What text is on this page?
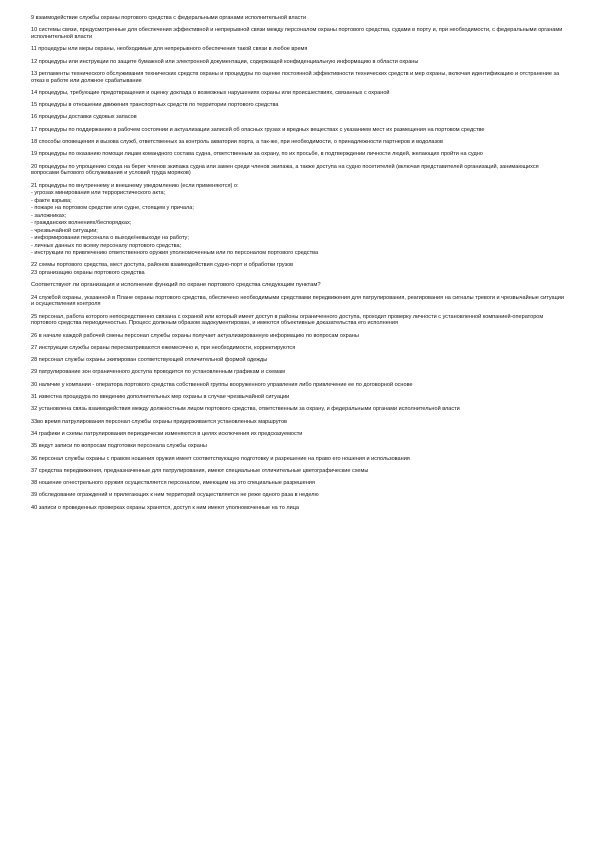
9 взаимодействие службы охраны портового средства с федеральными органами исполнительной власти
10 системы связи, предусмотренные для обеспечения эффективной и непрерывной связи между персоналом охраны портового средства, судами в порту и, при необходимости, с федеральными органами исполнительной власти
11 процедуры или меры охраны, необходимые для непрерывного обеспечения такой связи в любое время
12 процедуры или инструкции по защите бумажной или электронной документации, содержащей конфиденциальную информацию в области охраны
13 регламенты технического обслуживания технических средств охраны и процедуры по оценке постоянной эффективности технических средств и мер охраны, включая идентификацию и отстранение за отказ в работе или должное срабатывание
14 процедуры, требующие предотвращения и оценку доклада о возможных нарушениях охраны или происшествиях, связанных с охраной
15 процедуры в отношении движения транспортных средств по территории портового средства
16 процедуры доставки судовых запасов
17 процедуры по поддержанию в рабочем состоянии и актуализации записей об опасных грузах и вредных веществах с указанием мест их размещения на портовом средстве
18 способы оповещения и вызова служб, ответственных за контроль акватории порта, а так-же, при необходимости, о принадлежности партнеров и водолазов
19 процедуры по оказанию помощи лицам командного состава судна, ответственным за охрану, по их просьбе, в подтверждении личности людей, желающих пройти на судно
20 процедуры по упрощению схода на берег членов экипажа судна или замен среди членов экипажа, а также доступа на судно посетителей (включая представителей организаций, занимающихся вопросами бытового обслуживания и условий труда моряков)
21 процедуры по внутреннему и внешнему уведомлению (если применяются) о:
- угрозах минирования или террористического акта;
- факте взрыва;
- пожаре на портовом средстве или судне, стоящем у причала;
- заложниках;
- гражданских волнениях/беспорядках;
- чрезвычайной ситуации;
- информировании персонала о выходе/невыходе на работу;
- личных данных по всему персоналу портового средства;
- инструкции по привлечению ответственного оружия уполномоченным или по персоналом портового средства
22 схемы портового средства, мест доступа, районов взаимодействия судно-порт и обработки грузов
23 организацию охраны портового средства
Соответствуют ли организация и исполнение функций по охране портового средства следующим пунктам?
24 службой охраны, указанной в Плане охраны портового средства, обеспечено необходимыми средствами передвижения для патрулирования, реагирования на сигналы тревоги и чрезвычайные ситуации и осуществления контроля
25 персонал, работа которого непосредственно связана с охраной или который имеет доступ в районы ограниченного доступа, проходит проверку личности с установленной компанией-оператором портового средства периодичностью. Процесс должным образом задокументирован, и имеются объективные доказательства его исполнения
26 в начале каждой рабочей смены персонал службы охраны получает актуализированную информацию по вопросам охраны
27 инструкции службы охраны пересматриваются ежемесячно и, при необходимости, корректируются
28 персонал службы охраны экипирован соответствующей отличительной формой одежды
29 патрулирование зон ограниченного доступа проводится по установленным графикам и схемам
30 наличие у компании - оператора портового средства собственной группы вооруженного управления либо привлечение ее по договорной основе
31 известна процедура по введению дополнительных мер охраны в случае чрезвычайной ситуации
32 установлена связь взаимодействия между должностным лицом портового средства, ответственным за охрану, и федеральными органами исполнительной власти
33во время патрулирования персонал службы охраны придерживается установленных маршрутов
34 графики и схемы патрулирования периодически изменяются в целях исключения их предсказуемости
35 ведут записи по вопросам подготовки персонала службы охраны
36 персонал службы охраны с правом ношения оружия имеет соответствующую подготовку и разрешение на право его ношения и использования
37 средства передвижения, предназначенные для патрулирования, имеют специальные отличительные цветографические схемы
38 ношение огнестрельного оружия осуществляется персоналом, имеющим на это специальные разрешения
39 обследование ограждений и прилегающих к ним территорий осуществляется не реже одного раза в неделю
40 записи о проведенных проверках охраны хранятся, доступ к ним имеют уполномоченные на то лица
